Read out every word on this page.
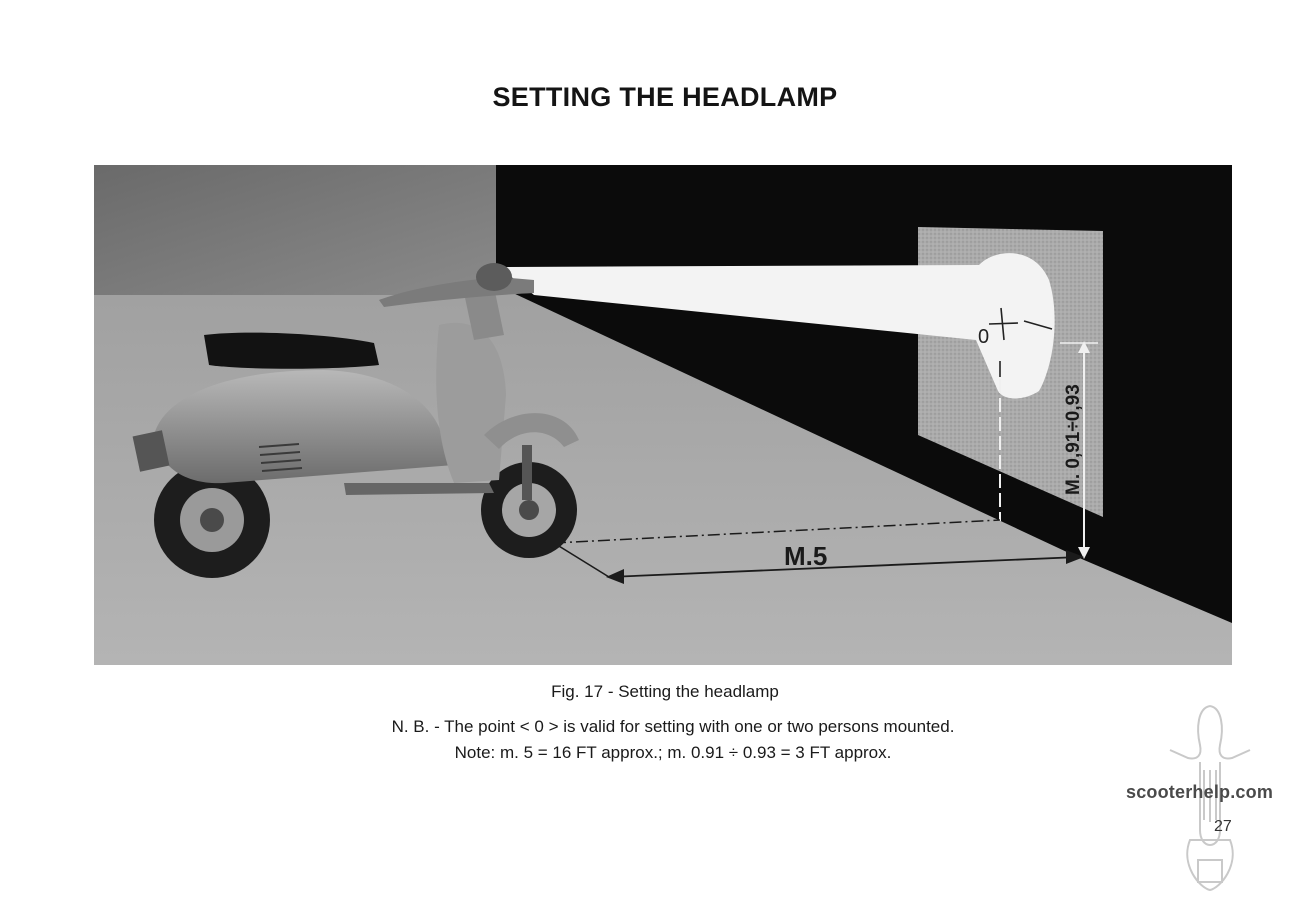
SETTING THE HEADLAMP
0
M.5
M. 0,91÷0,93
Fig. 17 - Setting the headlamp
N. B. - The point < 0 > is valid for setting with one or two persons mounted.
Note: m. 5 = 16 FT approx.; m. 0.91 ÷ 0.93 = 3 FT approx.
scooterhelp.com
27
